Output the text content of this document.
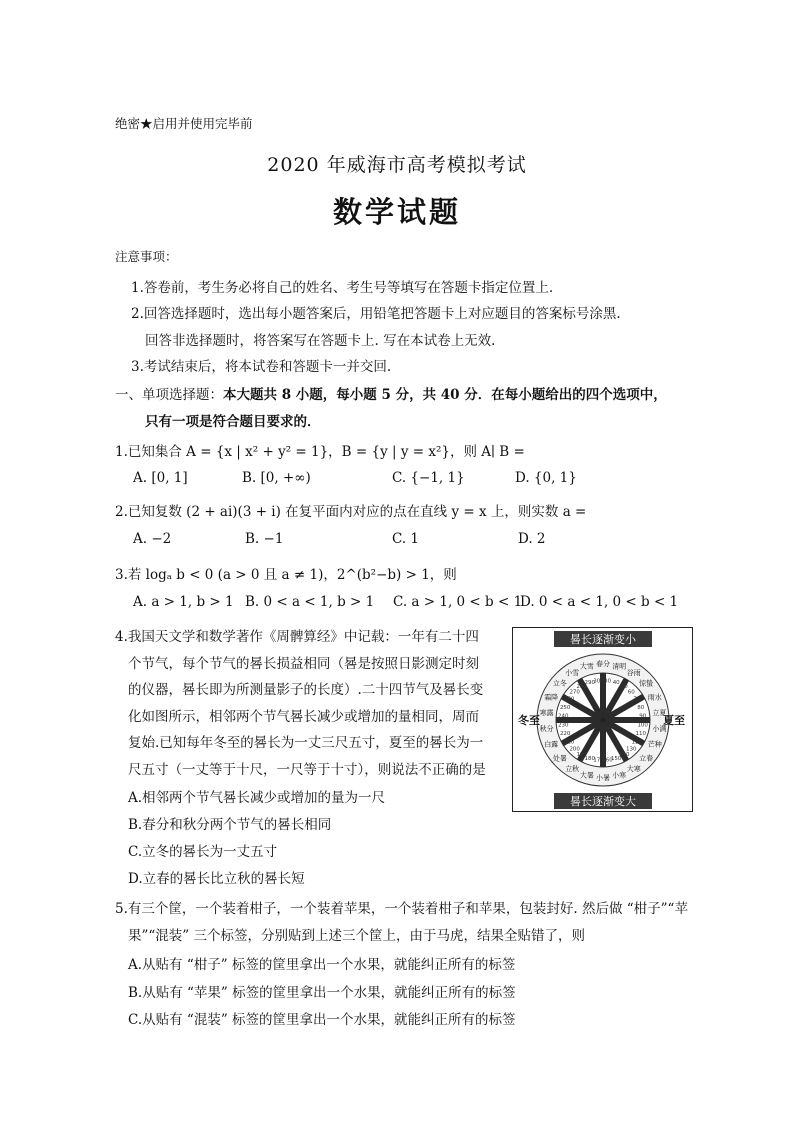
绝密★启用并使用完毕前
2020 年威海市高考模拟考试
数学试题
注意事项：
1.答卷前，考生务必将自己的姓名、考生号等填写在答题卡指定位置上.
2.回答选择题时，选出每小题答案后，用铅笔把答题卡上对应题目的答案标号涂黑.
回答非选择题时，将答案写在答题卡上. 写在本试卷上无效.
3.考试结束后，将本试卷和答题卡一并交回.
一、单项选择题：本大题共 8 小题，每小题 5 分，共 40 分．在每小题给出的四个选项中，
只有一项是符合题目要求的．
1.已知集合 A = {x | x² + y² = 1}，B = {y | y = x²}，则 A∣ B =
A. [0, 1]	B. [0, +∞)	C. {−1, 1}	D. {0, 1}
2.已知复数 (2 + ai)(3 + i) 在复平面内对应的点在直线 y = x 上，则实数 a =
A. −2	B. −1	C. 1	D. 2
3.若 logₐ b < 0 (a > 0 且 a ≠ 1)，2^(b²−b) > 1，则
A. a > 1, b > 1 B. 0 < a < 1, b > 1 C. a > 1, 0 < b < 1
D. 0 < a < 1, 0 < b < 1
4.我国天文学和数学著作《周髀算经》中记载：一年有二十四
个节气，每个节气的晷长损益相同（晷是按照日影测定时刻
的仪器，晷长即为所测量影子的长度）.二十四节气及晷长变
化如图所示，相邻两个节气晷长减少或增加的量相同，周而
复始.已知每年冬至的晷长为一丈三尺五寸，夏至的晷长为一
尺五寸（一丈等于十尺，一尺等于十寸），则说法不正确的是
A.相邻两个节气晷长减少或增加的量为一尺
B.春分和秋分两个节气的晷长相同
C.立冬的晷长为一丈五寸
D.立春的晷长比立秋的晷长短
晷长逐渐变小
晷长逐渐变大
冬至	夏至
春分 清明
谷雨
惊蛰
雨水
立夏
小满
芒种
立春
大寒
小寒
小暑
大暑
立秋
处暑
白露
秋分
寒露
霜降
立冬
小雪
大雪
30 40
50
60
70
80
90
100
110
120
130
140
150
160
170
180
190
200
210
220
230
240
250
260
270
280
290
300
5.有三个筐，一个装着柑子，一个装着苹果，一个装着柑子和苹果，包装封好. 然后做 “柑子”“苹
果”“混装” 三个标签，分别贴到上述三个筐上，由于马虎，结果全贴错了，则
A.从贴有 “柑子” 标签的筐里拿出一个水果，就能纠正所有的标签
B.从贴有 “苹果” 标签的筐里拿出一个水果，就能纠正所有的标签
C.从贴有 “混装” 标签的筐里拿出一个水果，就能纠正所有的标签
